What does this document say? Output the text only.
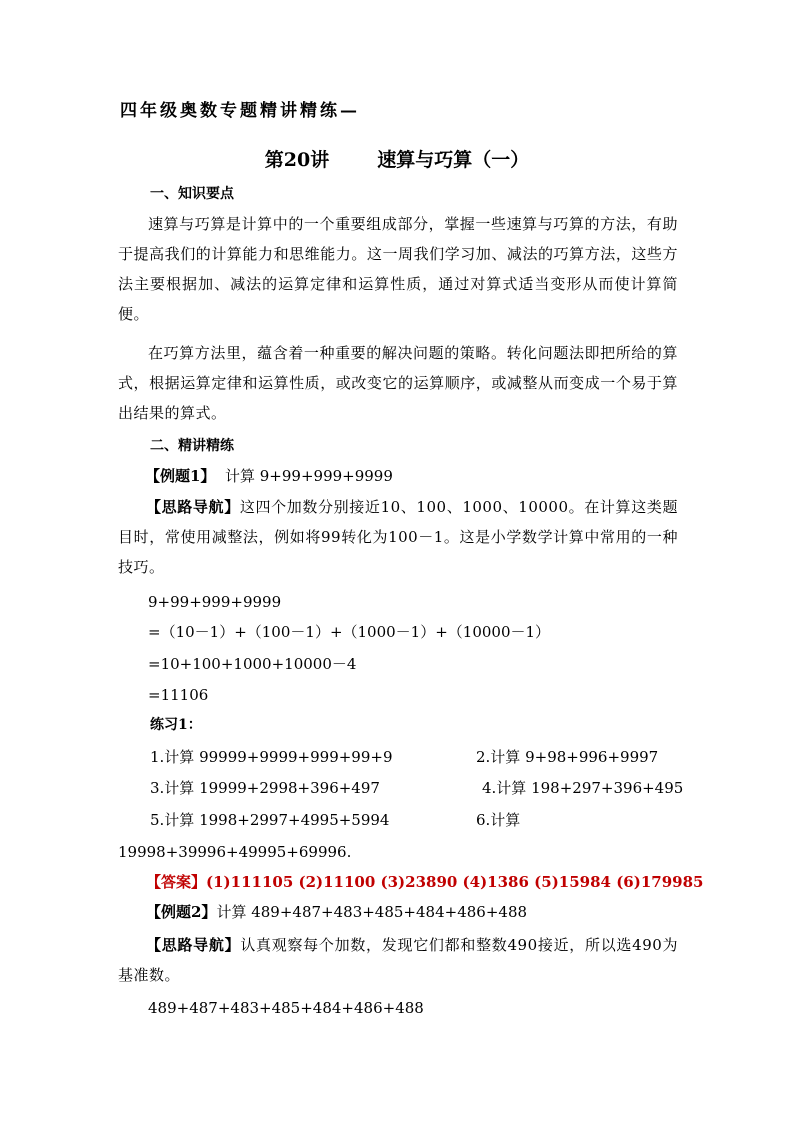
四年级奥数专题精讲精练—
第20讲	速算与巧算（一）
一、知识要点
速算与巧算是计算中的一个重要组成部分，掌握一些速算与巧算的方法，有助于提高我们的计算能力和思维能力。这一周我们学习加、减法的巧算方法，这些方法主要根据加、减法的运算定律和运算性质，通过对算式适当变形从而使计算简便。
在巧算方法里，蕴含着一种重要的解决问题的策略。转化问题法即把所给的算式，根据运算定律和运算性质，或改变它的运算顺序，或减整从而变成一个易于算出结果的算式。
二、精讲精练
【例题1】 计算 9+99+999+9999
【思路导航】这四个加数分别接近10、100、1000、10000。在计算这类题目时，常使用减整法，例如将99转化为100－1。这是小学数学计算中常用的一种技巧。
9+99+999+9999
=（10－1）+（100－1）+（1000－1）+（10000－1）
=10+100+1000+10000－4
=11106
练习1：
1.计算 99999+9999+999+99+9	2.计算 9+98+996+9997
3.计算 19999+2998+396+497	4.计算 198+297+396+495
5.计算 1998+2997+4995+5994	6.计算
19998+39996+49995+69996.
【答案】(1)111105 (2)11100 (3)23890 (4)1386 (5)15984 (6)179985
【例题2】计算 489+487+483+485+484+486+488
【思路导航】认真观察每个加数，发现它们都和整数490接近，所以选490为基准数。
489+487+483+485+484+486+488
